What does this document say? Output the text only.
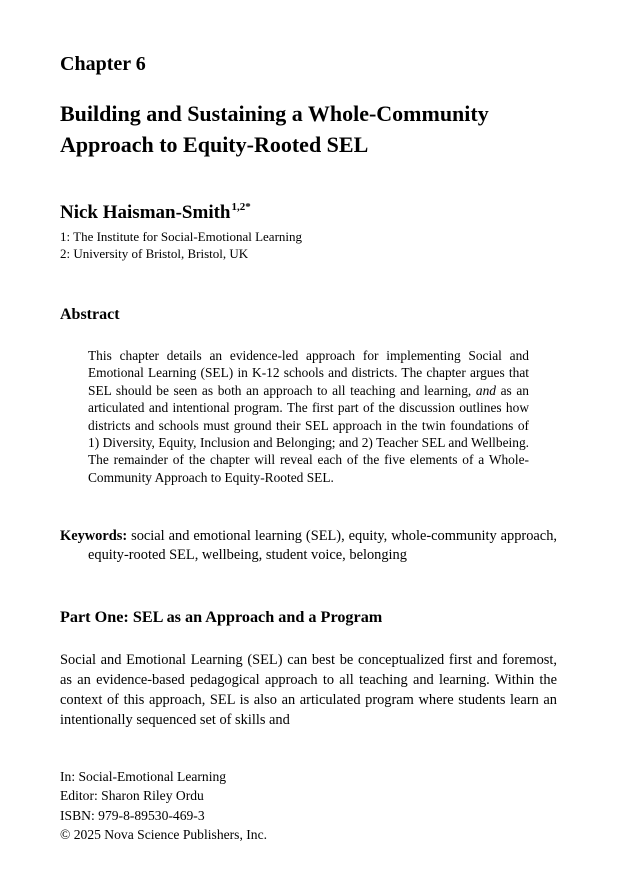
Chapter 6
Building and Sustaining a Whole-Community
Approach to Equity-Rooted SEL
Nick Haisman-Smith$^{1,2*}$
1: The Institute for Social-Emotional Learning
2: University of Bristol, Bristol, UK
Abstract
This chapter details an evidence-led approach for implementing Social and Emotional Learning (SEL) in K-12 schools and districts. The chapter argues that SEL should be seen as both an approach to all teaching and learning, and as an articulated and intentional program. The first part of the discussion outlines how districts and schools must ground their SEL approach in the twin foundations of 1) Diversity, Equity, Inclusion and Belonging; and 2) Teacher SEL and Wellbeing. The remainder of the chapter will reveal each of the five elements of a Whole-Community Approach to Equity-Rooted SEL.
Keywords: social and emotional learning (SEL), equity, whole-community approach, equity-rooted SEL, wellbeing, student voice, belonging
Part One: SEL as an Approach and a Program
Social and Emotional Learning (SEL) can best be conceptualized first and foremost, as an evidence-based pedagogical approach to all teaching and learning. Within the context of this approach, SEL is also an articulated program where students learn an intentionally sequenced set of skills and
In: Social-Emotional Learning
Editor: Sharon Riley Ordu
ISBN: 979-8-89530-469-3
© 2025 Nova Science Publishers, Inc.
